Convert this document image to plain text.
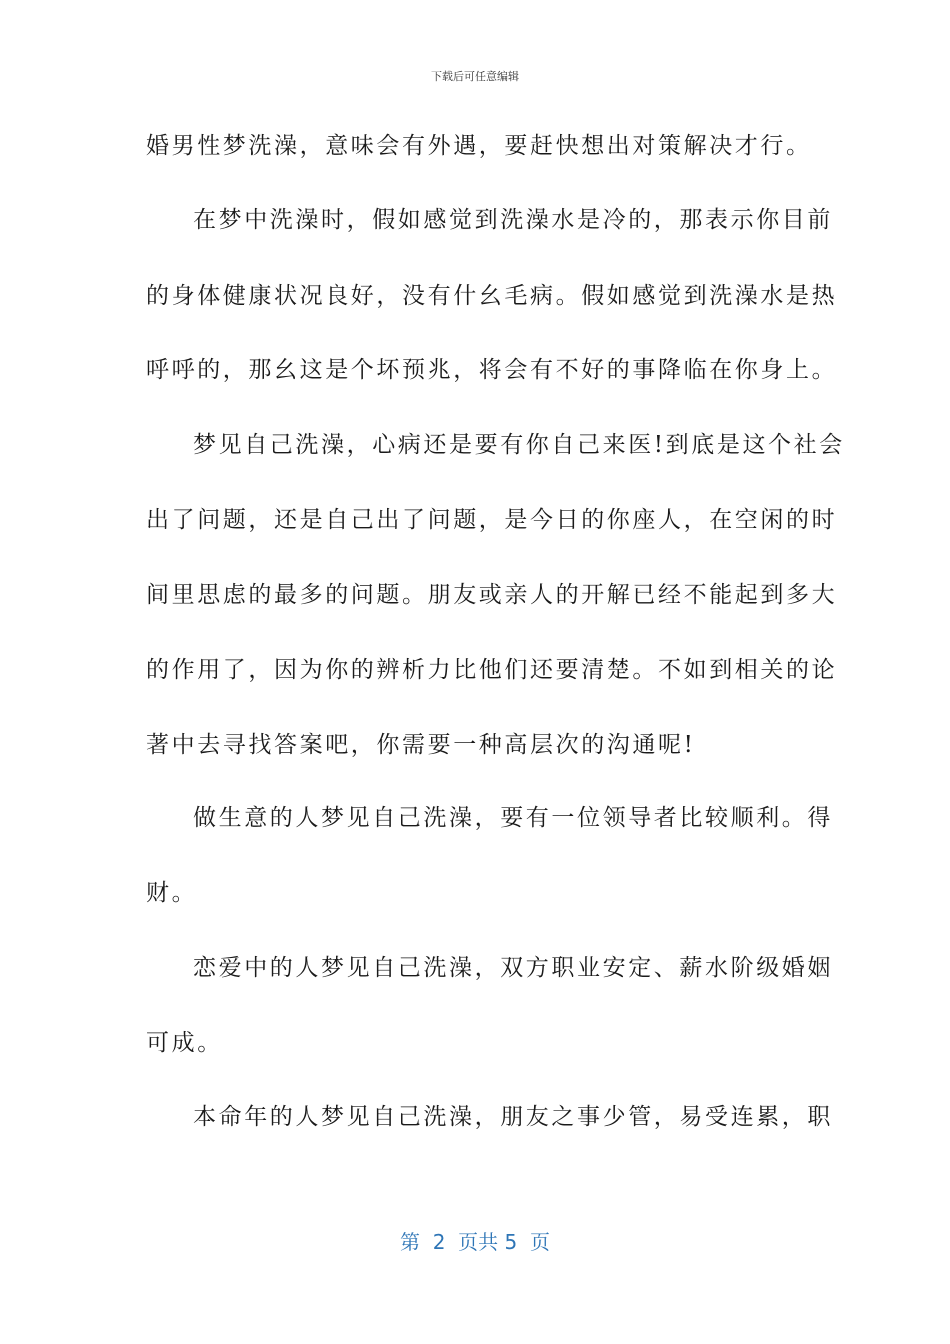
下载后可任意编辑
婚男性梦洗澡，意味会有外遇，要赶快想出对策解决才行。
在梦中洗澡时，假如感觉到洗澡水是冷的，那表示你目前
的身体健康状况良好，没有什幺毛病。假如感觉到洗澡水是热
呼呼的，那幺这是个坏预兆，将会有不好的事降临在你身上。
梦见自己洗澡，心病还是要有你自己来医!到底是这个社会
出了问题，还是自己出了问题，是今日的你座人，在空闲的时
间里思虑的最多的问题。朋友或亲人的开解已经不能起到多大
的作用了，因为你的辨析力比他们还要清楚。不如到相关的论
著中去寻找答案吧，你需要一种高层次的沟通呢!
做生意的人梦见自己洗澡，要有一位领导者比较顺利。得
财。
恋爱中的人梦见自己洗澡，双方职业安定、薪水阶级婚姻
可成。
本命年的人梦见自己洗澡，朋友之事少管，易受连累，职
第  2  页共 5  页
